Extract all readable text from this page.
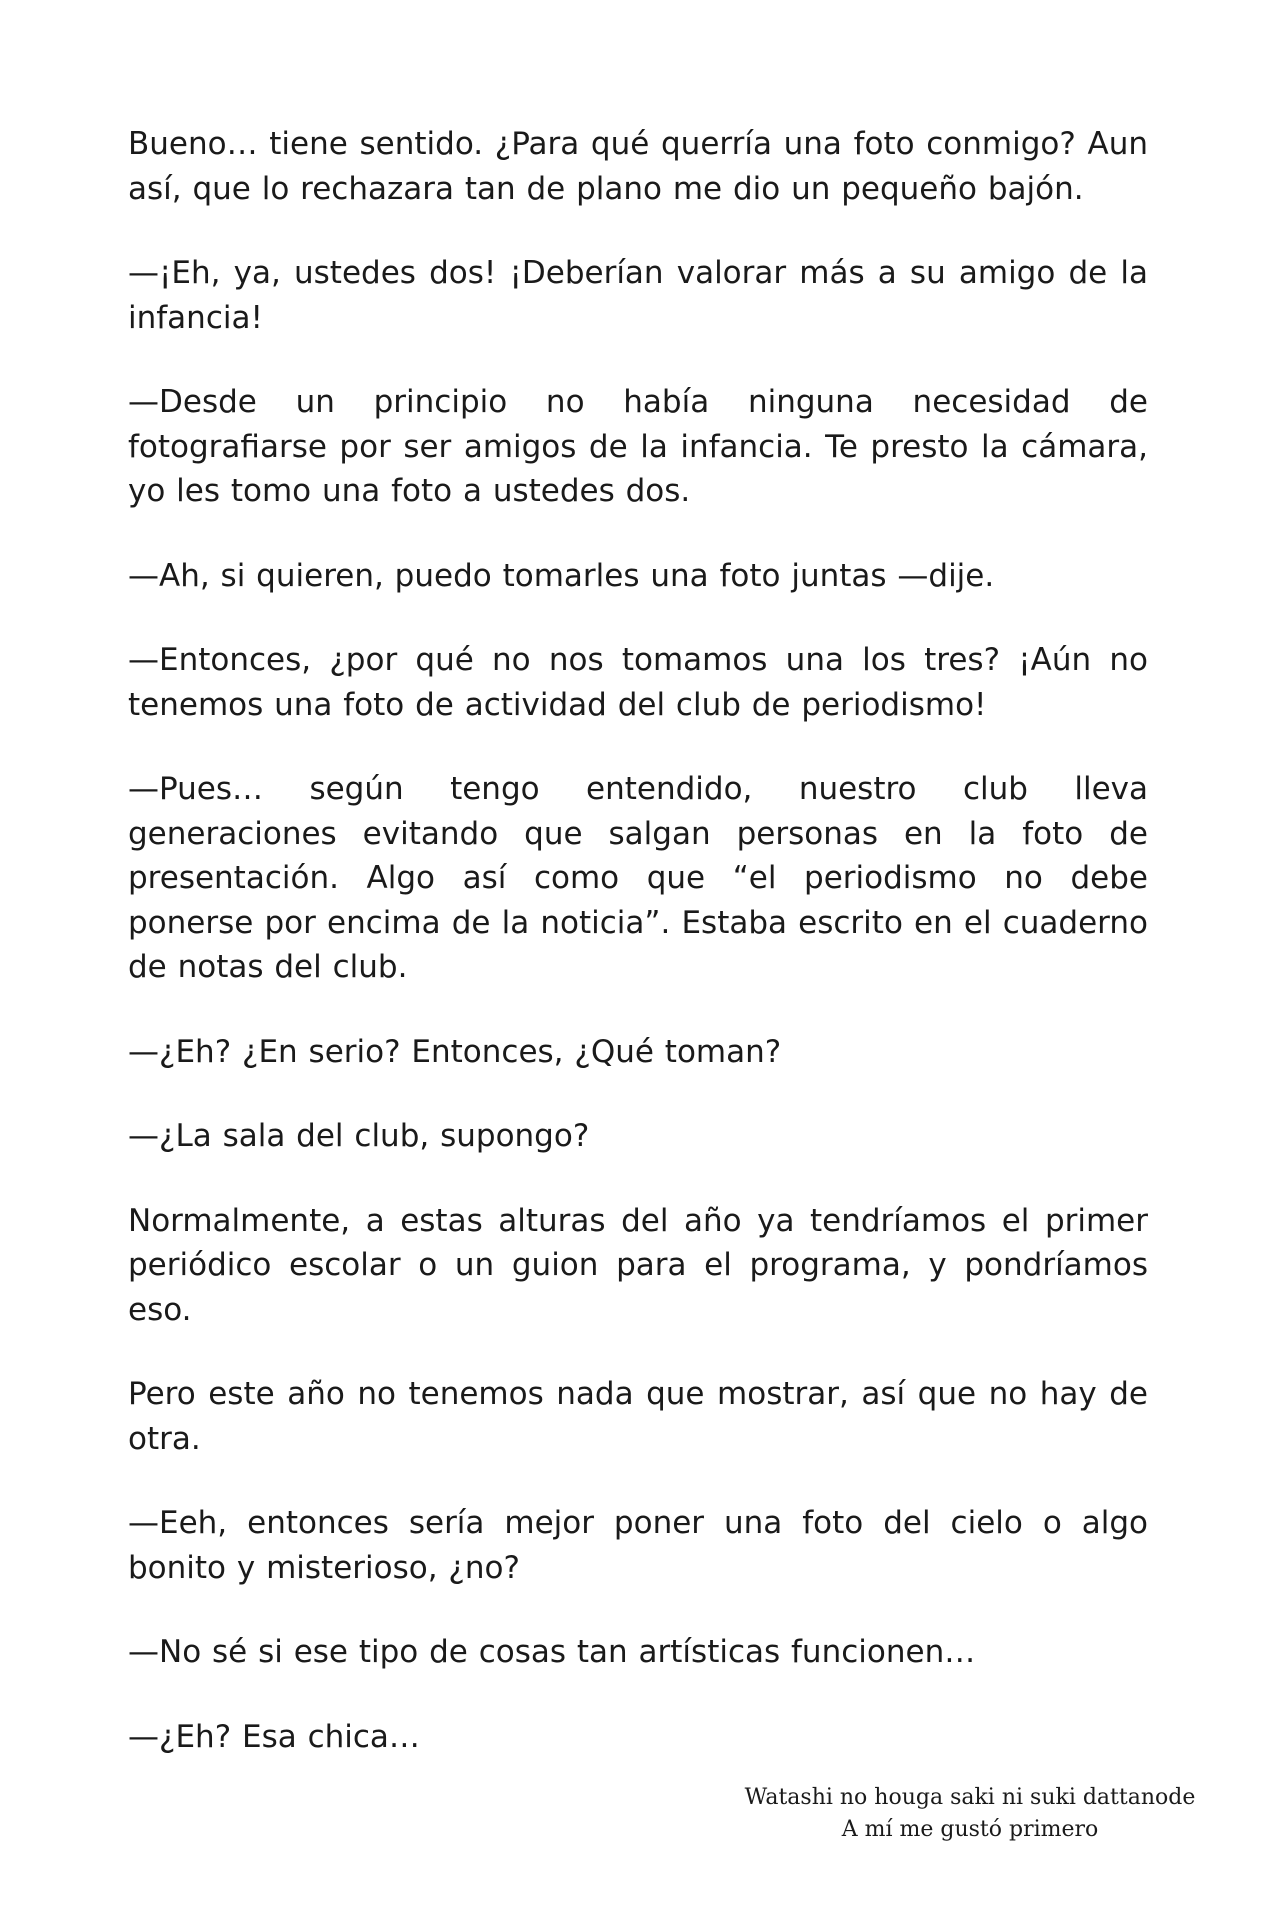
Bueno… tiene sentido. ¿Para qué querría una foto conmigo? Aun así, que lo rechazara tan de plano me dio un pequeño bajón.

—¡Eh, ya, ustedes dos! ¡Deberían valorar más a su amigo de la infancia!

—Desde un principio no había ninguna necesidad de fotografiarse por ser amigos de la infancia. Te presto la cámara, yo les tomo una foto a ustedes dos.

—Ah, si quieren, puedo tomarles una foto juntas —dije.

—Entonces, ¿por qué no nos tomamos una los tres? ¡Aún no tenemos una foto de actividad del club de periodismo!

—Pues… según tengo entendido, nuestro club lleva generaciones evitando que salgan personas en la foto de presentación. Algo así como que “el periodismo no debe ponerse por encima de la noticia”. Estaba escrito en el cuaderno de notas del club.

—¿Eh? ¿En serio? Entonces, ¿Qué toman?

—¿La sala del club, supongo?

Normalmente, a estas alturas del año ya tendríamos el primer periódico escolar o un guion para el programa, y pondríamos eso.

Pero este año no tenemos nada que mostrar, así que no hay de otra.

—Eeh, entonces sería mejor poner una foto del cielo o algo bonito y misterioso, ¿no?

—No sé si ese tipo de cosas tan artísticas funcionen…

—¿Eh? Esa chica…

Watashi no houga saki ni suki dattanode
A mí me gustó primero
